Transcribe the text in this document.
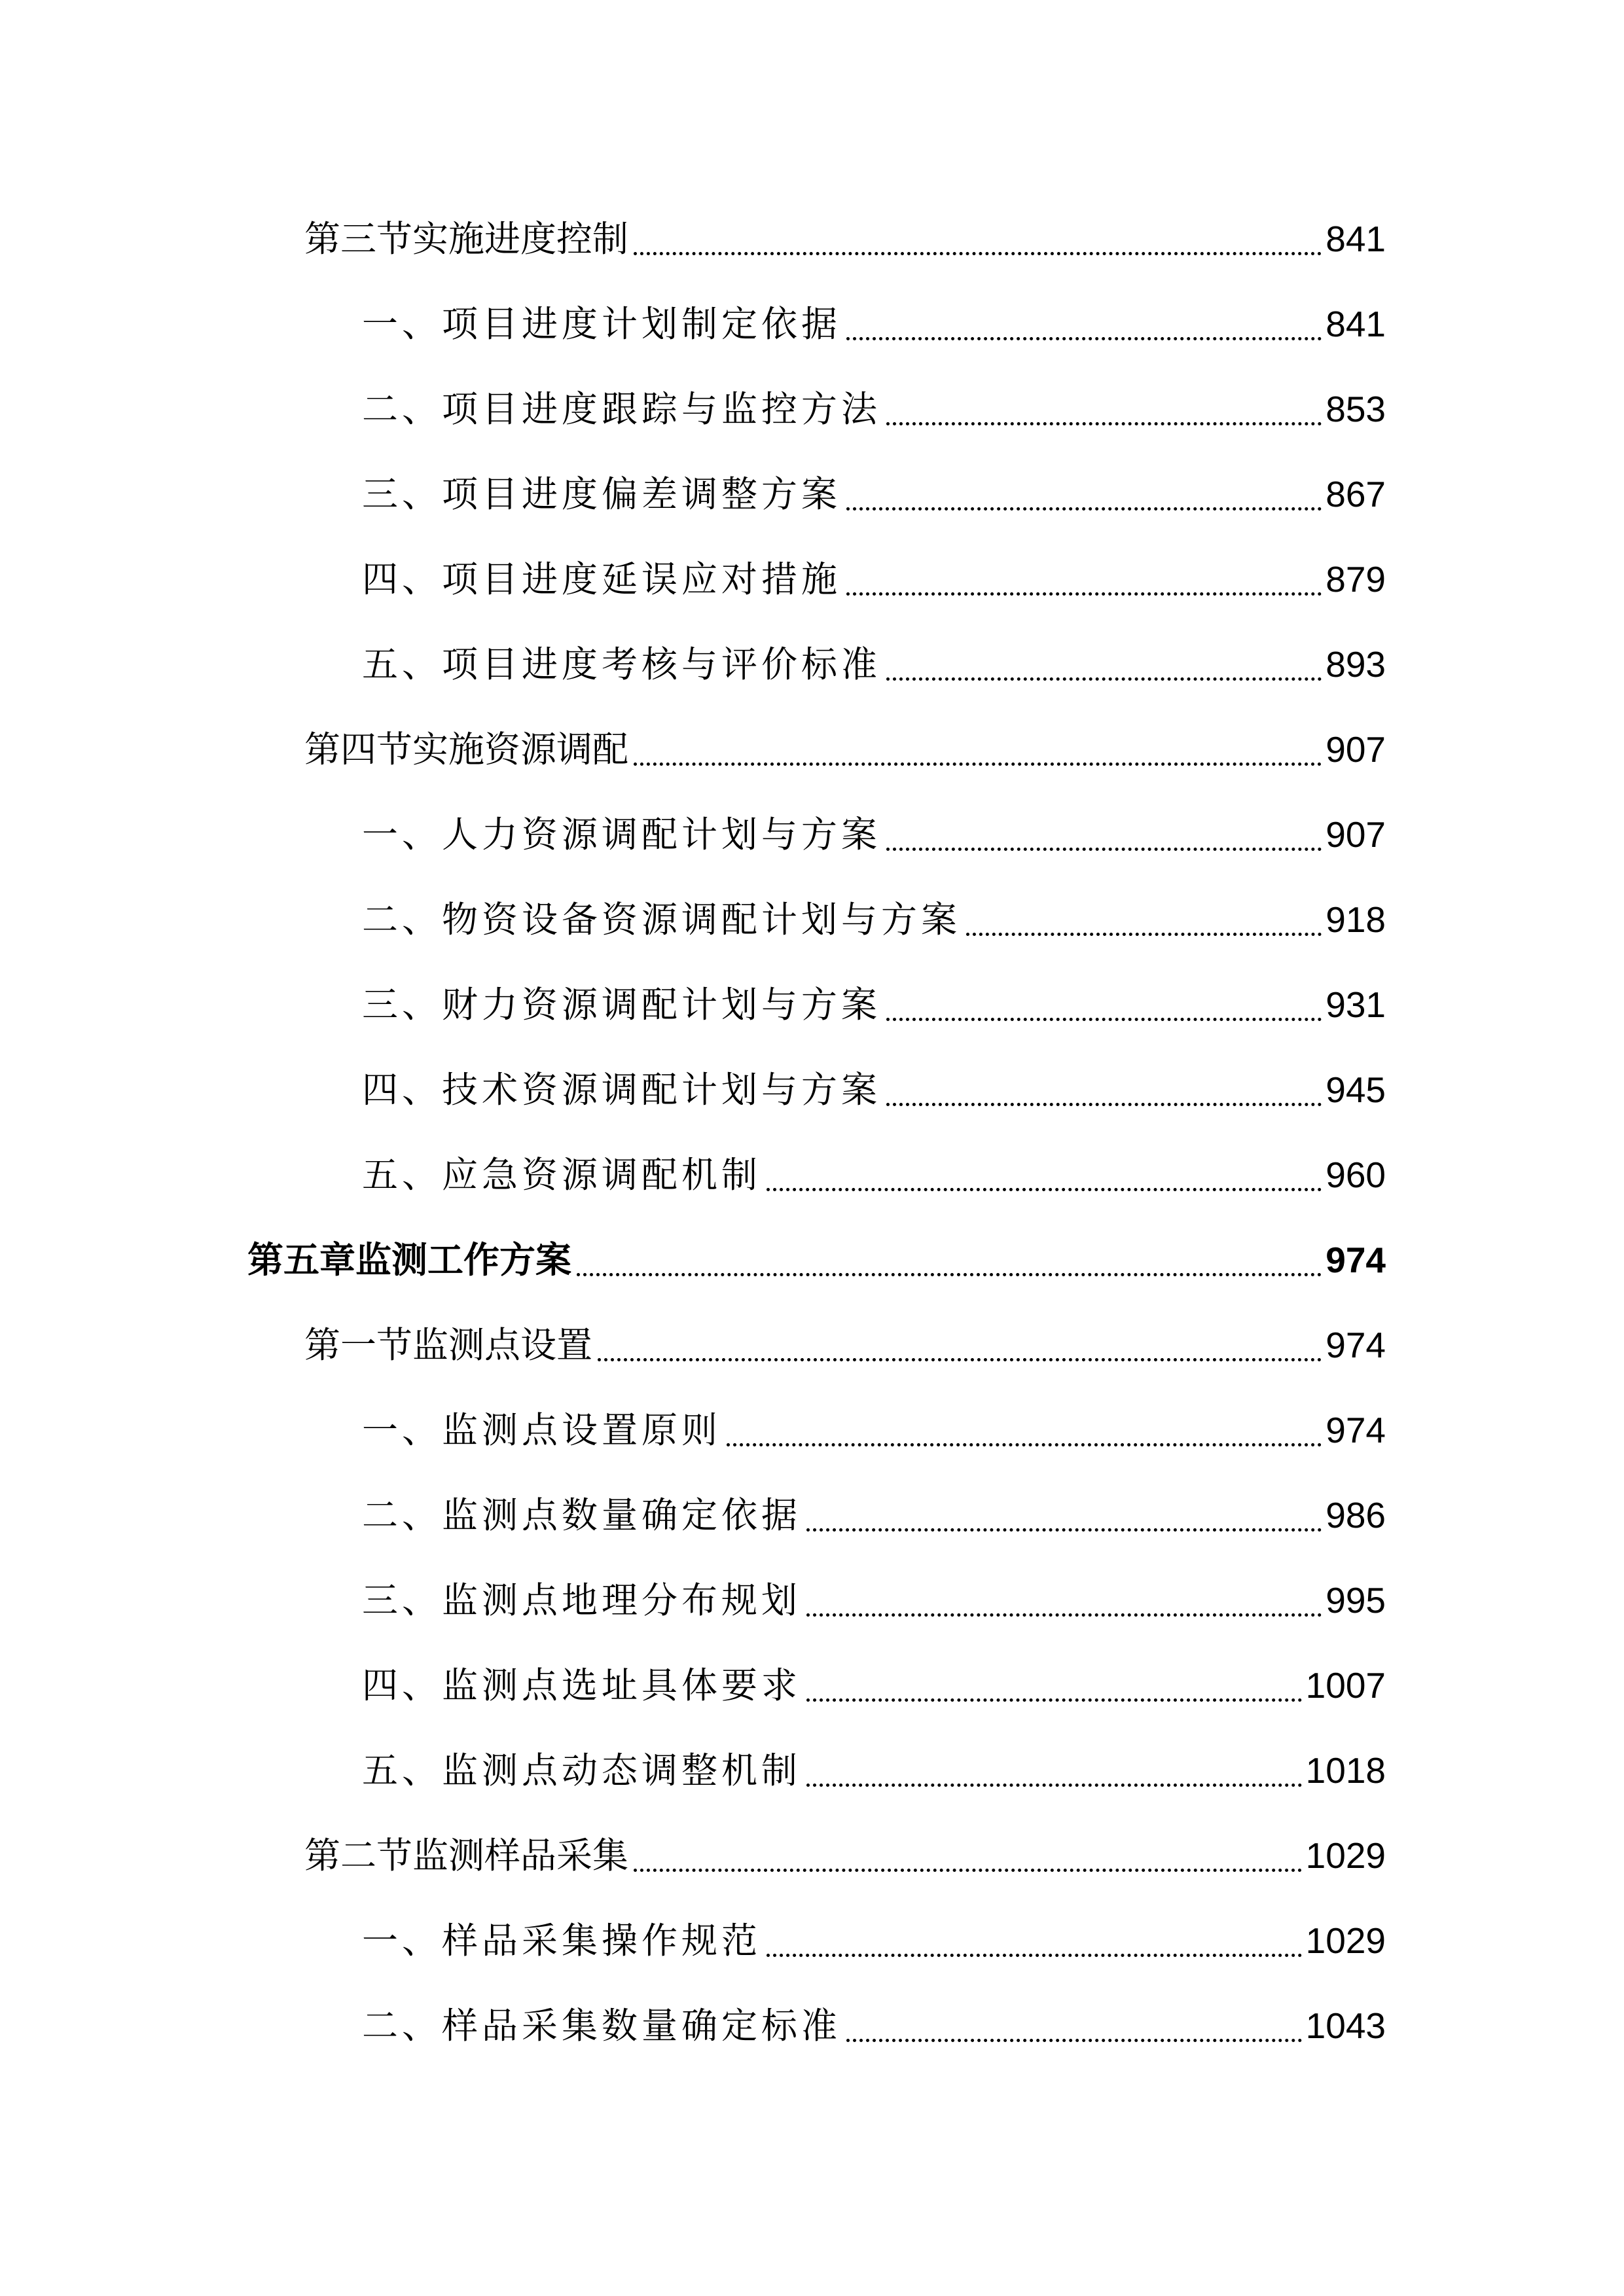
第三节实施进度控制	841
一、项目进度计划制定依据	841
二、项目进度跟踪与监控方法	853
三、项目进度偏差调整方案	867
四、项目进度延误应对措施	879
五、项目进度考核与评价标准	893
第四节实施资源调配	907
一、人力资源调配计划与方案	907
二、物资设备资源调配计划与方案	918
三、财力资源调配计划与方案	931
四、技术资源调配计划与方案	945
五、应急资源调配机制	960
第五章监测工作方案	974
第一节监测点设置	974
一、监测点设置原则	974
二、监测点数量确定依据	986
三、监测点地理分布规划	995
四、监测点选址具体要求	1007
五、监测点动态调整机制	1018
第二节监测样品采集	1029
一、样品采集操作规范	1029
二、样品采集数量确定标准	1043
